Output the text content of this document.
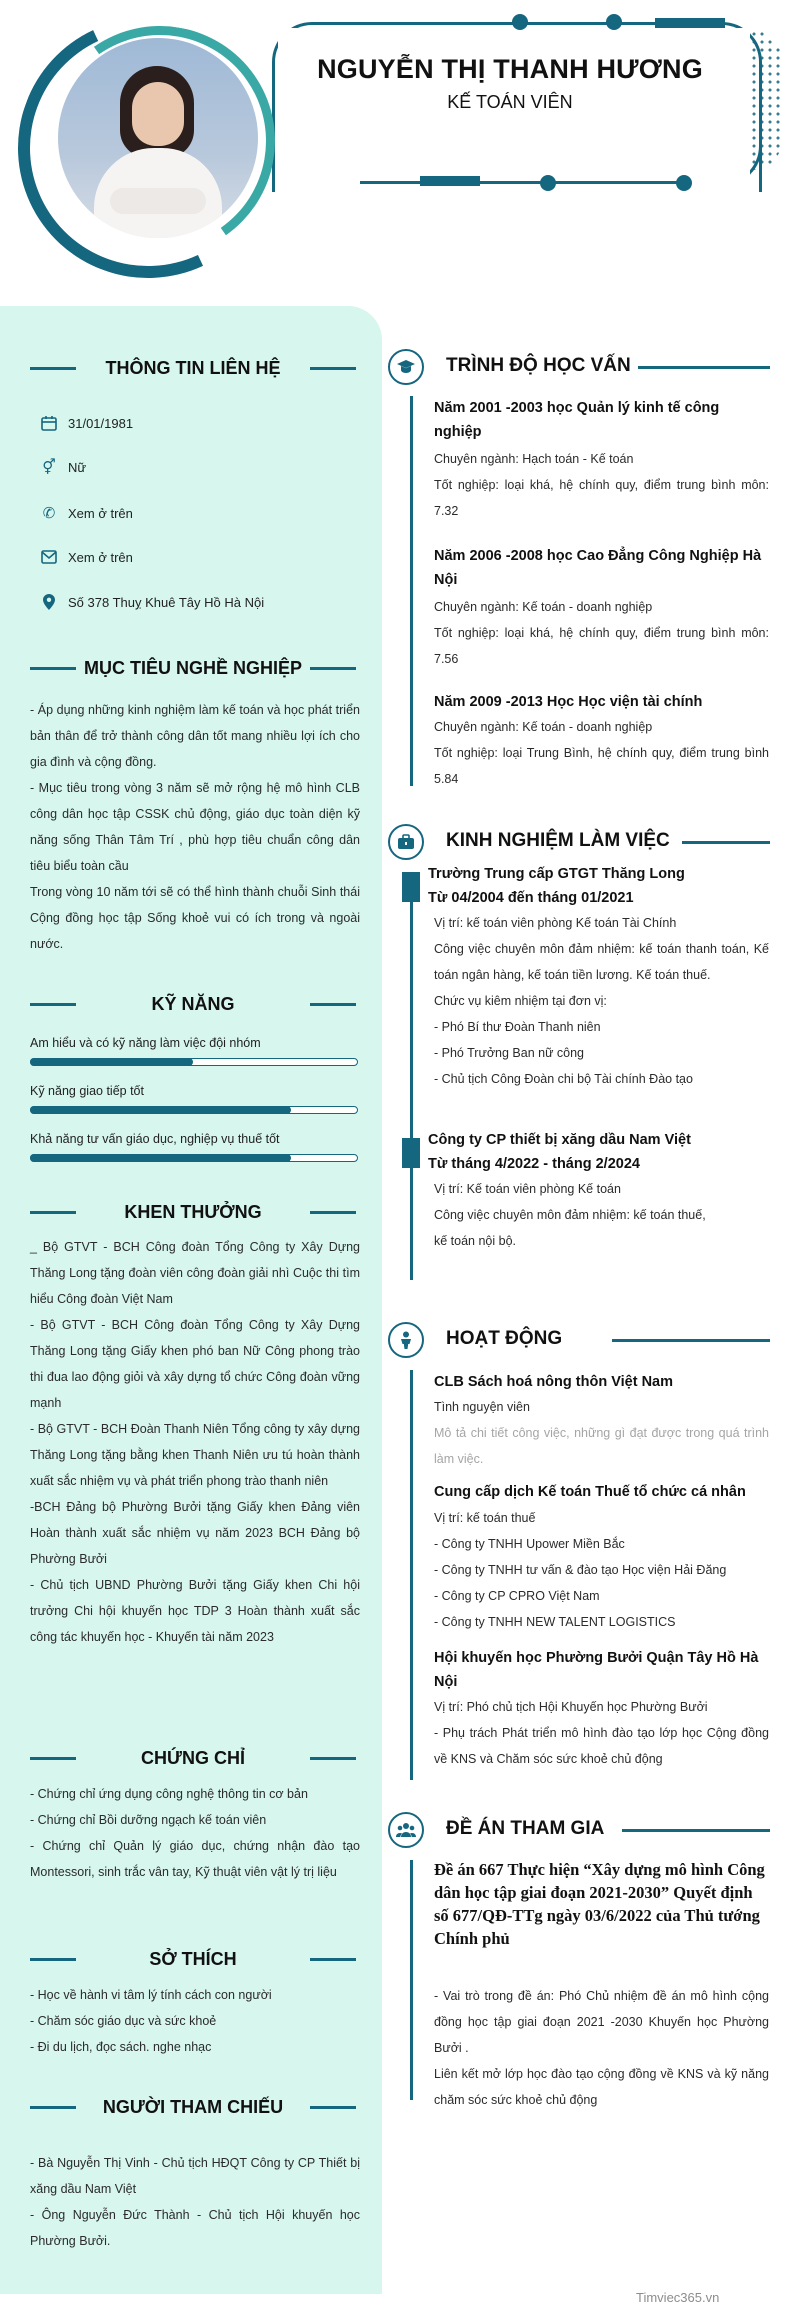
NGUYỄN THỊ THANH HƯƠNG
KẾ TOÁN VIÊN
THÔNG TIN LIÊN HỆ
31/01/1981
⚥ Nữ
✆ Xem ở trên
Xem ở trên
Số 378 Thuỵ Khuê Tây Hồ Hà Nội
MỤC TIÊU NGHỀ NGHIỆP
- Áp dụng những kinh nghiệm làm kế toán và học phát triển bản thân để trở thành công dân tốt mang nhiều lợi ích cho gia đình và cộng đồng.
- Mục tiêu trong vòng 3 năm sẽ mở rộng hệ mô hình CLB công dân học tập CSSK chủ động, giáo dục toàn diện kỹ năng sống Thân Tâm Trí , phù hợp tiêu chuẩn công dân tiêu biểu toàn cầu
Trong vòng 10 năm tới sẽ có thể hình thành chuỗi Sinh thái Cộng đồng học tập Sống khoẻ vui có ích trong và ngoài nước.
KỸ NĂNG
Am hiểu và có kỹ năng làm việc đội nhóm
Kỹ năng giao tiếp tốt
Khả năng tư vấn giáo dục, nghiệp vụ thuế tốt
KHEN THƯỞNG
_ Bộ GTVT - BCH Công đoàn Tổng Công ty Xây Dựng Thăng Long tặng đoàn viên công đoàn giải nhì Cuộc thi tìm hiểu Công đoàn Việt Nam
- Bộ GTVT - BCH Công đoàn Tổng Công ty Xây Dựng Thăng Long tặng Giấy khen phó ban Nữ Công phong trào thi đua lao động giỏi và xây dựng tổ chức Công đoàn vững mạnh
- Bộ GTVT - BCH Đoàn Thanh Niên Tổng công ty xây dựng Thăng Long tặng bằng khen Thanh Niên ưu tú hoàn thành xuất sắc nhiệm vụ và phát triển phong trào thanh niên
-BCH Đảng bộ Phường Bưởi tặng Giấy khen Đảng viên Hoàn thành xuất sắc nhiệm vụ năm 2023 BCH Đảng bộ Phường Bưởi
- Chủ tịch UBND Phường Bưởi tặng Giấy khen Chi hội trưởng Chi hội khuyến học TDP 3 Hoàn thành xuất sắc công tác khuyến học - Khuyến tài năm 2023
CHỨNG CHỈ
- Chứng chỉ ứng dụng công nghệ thông tin cơ bản
- Chứng chỉ Bồi dưỡng ngạch kế toán viên
- Chứng chỉ Quản lý giáo dục, chứng nhận đào tạo Montessori, sinh trắc vân tay, Kỹ thuật viên vật lý trị liệu
SỞ THÍCH
- Học về hành vi tâm lý tính cách con người
- Chăm sóc giáo dục và sức khoẻ
- Đi du lịch, đọc sách. nghe nhạc
NGƯỜI THAM CHIẾU
- Bà Nguyễn Thị Vinh - Chủ tịch HĐQT Công ty CP Thiết bị xăng dầu Nam Việt
- Ông Nguyễn Đức Thành - Chủ tịch Hội khuyến học Phường Bưởi.
TRÌNH ĐỘ HỌC VẤN
Năm 2001 -2003 học Quản lý kinh tế công nghiệp
Chuyên ngành: Hạch toán - Kế toán
Tốt nghiệp: loại khá, hệ chính quy, điểm trung bình môn: 7.32
Năm 2006 -2008 học Cao Đẳng Công Nghiệp Hà Nội
Chuyên ngành: Kế toán - doanh nghiệp
Tốt nghiệp: loại khá, hệ chính quy, điểm trung bình môn: 7.56
Năm 2009 -2013 Học Học viện tài chính
Chuyên ngành: Kế toán - doanh nghiệp
Tốt nghiệp: loại Trung Bình, hệ chính quy, điểm trung bình 5.84
KINH NGHIỆM LÀM VIỆC
Trường Trung cấp GTGT Thăng Long
Từ 04/2004 đến tháng 01/2021
Vị trí: kế toán viên phòng Kế toán Tài Chính
Công việc chuyên môn đảm nhiệm: kế toán thanh toán, Kế toán ngân hàng, kế toán tiền lương. Kế toán thuế.
Chức vụ kiêm nhiệm tại đơn vị:
- Phó Bí thư Đoàn Thanh niên
- Phó Trưởng Ban nữ công
- Chủ tịch Công Đoàn chi bộ Tài chính Đào tạo
Công ty CP thiết bị xăng dầu Nam Việt
Từ tháng 4/2022 - tháng 2/2024
Vị trí: Kế toán viên phòng Kế toán
Công việc chuyên môn đảm nhiệm: kế toán thuế,
kế toán nội bộ.
HOẠT ĐỘNG
CLB Sách hoá nông thôn Việt Nam
Tình nguyện viên
Mô tả chi tiết công việc, những gì đạt được trong quá trình làm việc.
Cung cấp dịch Kế toán Thuế tổ chức cá nhân
Vị trí: kế toán thuế
- Công ty TNHH Upower Miền Bắc
- Công ty TNHH tư vấn & đào tạo Học viện Hải Đăng
- Công ty CP CPRO Việt Nam
- Công ty TNHH NEW TALENT LOGISTICS
Hội khuyến học Phường Bưởi Quận Tây Hồ Hà Nội
Vị trí: Phó chủ tịch Hội Khuyến học Phường Bưởi
- Phụ trách Phát triển mô hình đào tạo lớp học Cộng đồng về KNS và Chăm sóc sức khoẻ chủ động
ĐỀ ÁN THAM GIA
Đề án 667 Thực hiện “Xây dựng mô hình Công dân học tập giai đoạn 2021-2030” Quyết định số 677/QĐ-TTg ngày 03/6/2022 của Thủ tướng Chính phủ
- Vai trò trong đề án: Phó Chủ nhiệm đề án mô hình cộng đồng học tập giai đoạn 2021 -2030 Khuyến học Phường Bưởi .
Liên kết mở lớp học đào tạo cộng đồng về KNS và kỹ năng chăm sóc sức khoẻ chủ động
Timviec365.vn
